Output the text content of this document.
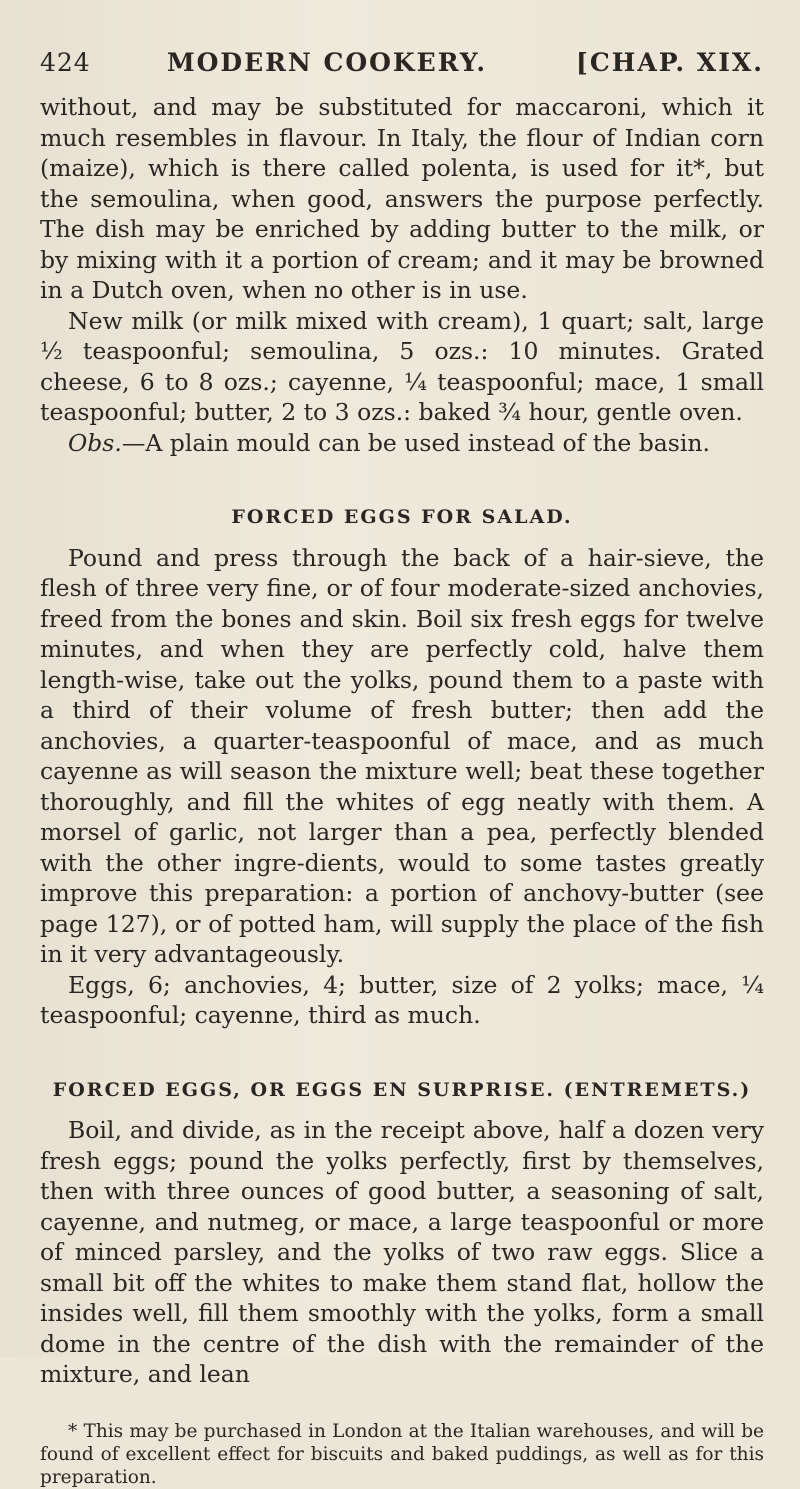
424	MODERN COOKERY.	[CHAP. XIX.

without, and may be substituted for maccaroni, which it much resembles in flavour. In Italy, the flour of Indian corn (maize), which is there called polenta, is used for it*, but the semoulina, when good, answers the purpose perfectly. The dish may be enriched by adding butter to the milk, or by mixing with it a portion of cream; and it may be browned in a Dutch oven, when no other is in use.

New milk (or milk mixed with cream), 1 quart; salt, large ½ teaspoonful; semoulina, 5 ozs.: 10 minutes. Grated cheese, 6 to 8 ozs.; cayenne, ¼ teaspoonful; mace, 1 small teaspoonful; butter, 2 to 3 ozs.: baked ¾ hour, gentle oven.

Obs.—A plain mould can be used instead of the basin.

FORCED EGGS FOR SALAD.

Pound and press through the back of a hair-sieve, the flesh of three very fine, or of four moderate-sized anchovies, freed from the bones and skin. Boil six fresh eggs for twelve minutes, and when they are perfectly cold, halve them length-wise, take out the yolks, pound them to a paste with a third of their volume of fresh butter; then add the anchovies, a quarter-teaspoonful of mace, and as much cayenne as will season the mixture well; beat these together thoroughly, and fill the whites of egg neatly with them. A morsel of garlic, not larger than a pea, perfectly blended with the other ingre-dients, would to some tastes greatly improve this preparation: a portion of anchovy-butter (see page 127), or of potted ham, will supply the place of the fish in it very advantageously.

Eggs, 6; anchovies, 4; butter, size of 2 yolks; mace, ¼ teaspoonful; cayenne, third as much.

FORCED EGGS, OR EGGS EN SURPRISE. (ENTREMETS.)

Boil, and divide, as in the receipt above, half a dozen very fresh eggs; pound the yolks perfectly, first by themselves, then with three ounces of good butter, a seasoning of salt, cayenne, and nutmeg, or mace, a large teaspoonful or more of minced parsley, and the yolks of two raw eggs. Slice a small bit off the whites to make them stand flat, hollow the insides well, fill them smoothly with the yolks, form a small dome in the centre of the dish with the remainder of the mixture, and lean

* This may be purchased in London at the Italian warehouses, and will be found of excellent effect for biscuits and baked puddings, as well as for this preparation.
